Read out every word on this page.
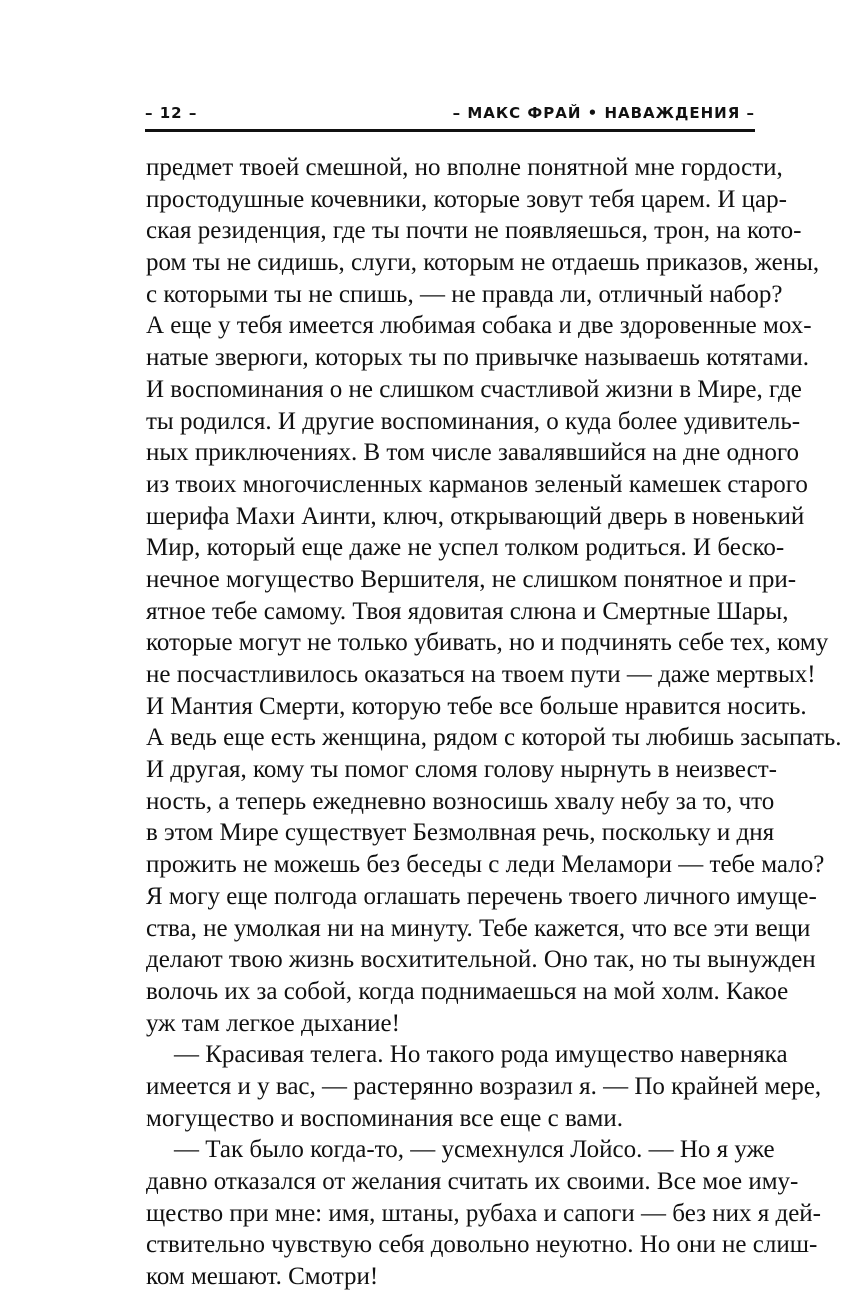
– 12 –	– МАКС ФРАЙ • НАВАЖДЕНИЯ –
предмет твоей смешной, но вполне понятной мне гордости,
простодушные кочевники, которые зовут тебя царем. И цар-
ская резиденция, где ты почти не появляешься, трон, на кото-
ром ты не сидишь, слуги, которым не отдаешь приказов, жены,
с которыми ты не спишь, — не правда ли, отличный набор?
А еще у тебя имеется любимая собака и две здоровенные мох-
натые зверюги, которых ты по привычке называешь котятами.
И воспоминания о не слишком счастливой жизни в Мире, где
ты родился. И другие воспоминания, о куда более удивитель-
ных приключениях. В том числе завалявшийся на дне одного
из твоих многочисленных карманов зеленый камешек старого
шерифа Махи Аинти, ключ, открывающий дверь в новенький
Мир, который еще даже не успел толком родиться. И беско-
нечное могущество Вершителя, не слишком понятное и при-
ятное тебе самому. Твоя ядовитая слюна и Смертные Шары,
которые могут не только убивать, но и подчинять себе тех, кому
не посчастливилось оказаться на твоем пути — даже мертвых!
И Мантия Смерти, которую тебе все больше нравится носить.
А ведь еще есть женщина, рядом с которой ты любишь засыпать.
И другая, кому ты помог сломя голову нырнуть в неизвест-
ность, а теперь ежедневно возносишь хвалу небу за то, что
в этом Мире существует Безмолвная речь, поскольку и дня
прожить не можешь без беседы с леди Меламори — тебе мало?
Я могу еще полгода оглашать перечень твоего личного имуще-
ства, не умолкая ни на минуту. Тебе кажется, что все эти вещи
делают твою жизнь восхитительной. Оно так, но ты вынужден
волочь их за собой, когда поднимаешься на мой холм. Какое
уж там легкое дыхание!
— Красивая телега. Но такого рода имущество наверняка
имеется и у вас, — растерянно возразил я. — По крайней мере,
могущество и воспоминания все еще с вами.
— Так было когда-то, — усмехнулся Лойсо. — Но я уже
давно отказался от желания считать их своими. Все мое иму-
щество при мне: имя, штаны, рубаха и сапоги — без них я дей-
ствительно чувствую себя довольно неуютно. Но они не слиш-
ком мешают. Смотри!
